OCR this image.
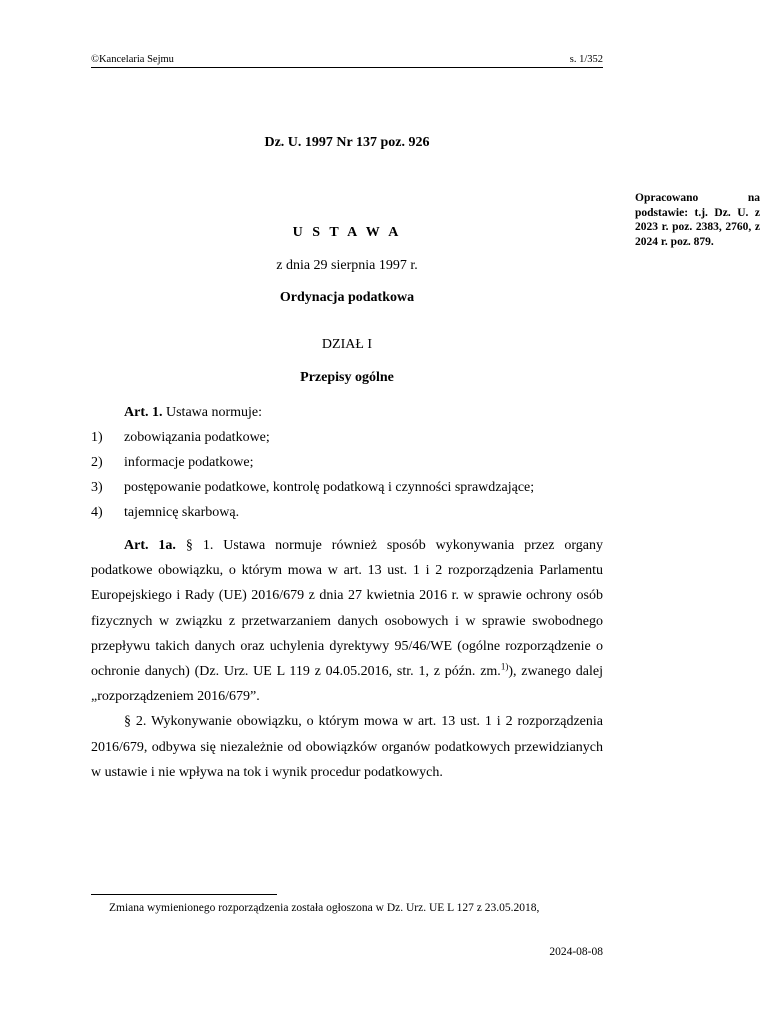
©Kancelaria Sejmu	s. 1/352
Dz. U. 1997 Nr 137 poz. 926
Opracowano na podstawie: t.j. Dz. U. z 2023 r. poz. 2383, 2760, z 2024 r. poz. 879.
U S T A W A
z dnia 29 sierpnia 1997 r.
Ordynacja podatkowa
DZIAŁ I
Przepisy ogólne

Art. 1. Ustawa normuje:

1) zobowiązania podatkowe;
2) informacje podatkowe;
3) postępowanie podatkowe, kontrolę podatkową i czynności sprawdzające;
4) tajemnicę skarbową.

Art. 1a. § 1. Ustawa normuje również sposób wykonywania przez organy podatkowe obowiązku, o którym mowa w art. 13 ust. 1 i 2 rozporządzenia Parlamentu Europejskiego i Rady (UE) 2016/679 z dnia 27 kwietnia 2016 r. w sprawie ochrony osób fizycznych w związku z przetwarzaniem danych osobowych i w sprawie swobodnego przepływu takich danych oraz uchylenia dyrektywy 95/46/WE (ogólne rozporządzenie o ochronie danych) (Dz. Urz. UE L 119 z 04.05.2016, str. 1, z późn. zm.$^{1)}$), zwanego dalej „rozporządzeniem 2016/679”.

§ 2. Wykonywanie obowiązku, o którym mowa w art. 13 ust. 1 i 2 rozporządzenia 2016/679, odbywa się niezależnie od obowiązków organów podatkowych przewidzianych w ustawie i nie wpływa na tok i wynik procedur podatkowych.

Zmiana wymienionego rozporządzenia została ogłoszona w Dz. Urz. UE L 127 z 23.05.2018,
2024-08-08
